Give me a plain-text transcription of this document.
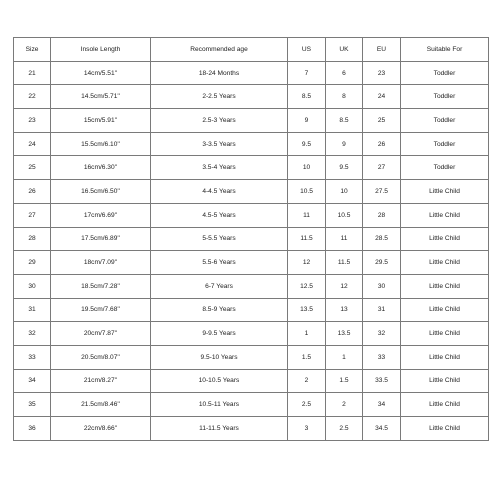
Size	Insole Length	Recommended age	US	UK	EU	Suitable For
21	14cm/5.51''	18-24 Months	7	6	23	Toddler
22	14.5cm/5.71''	2-2.5 Years	8.5	8	24	Toddler
23	15cm/5.91''	2.5-3 Years	9	8.5	25	Toddler
24	15.5cm/6.10''	3-3.5 Years	9.5	9	26	Toddler
25	16cm/6.30''	3.5-4 Years	10	9.5	27	Toddler
26	16.5cm/6.50''	4-4.5 Years	10.5	10	27.5	Little Child
27	17cm/6.69''	4.5-5 Years	11	10.5	28	Little Child
28	17.5cm/6.89''	5-5.5 Years	11.5	11	28.5	Little Child
29	18cm/7.09''	5.5-6 Years	12	11.5	29.5	Little Child
30	18.5cm/7.28''	6-7 Years	12.5	12	30	Little Child
31	19.5cm/7.68''	8.5-9 Years	13.5	13	31	Little Child
32	20cm/7.87''	9-9.5 Years	1	13.5	32	Little Child
33	20.5cm/8.07''	9.5-10 Years	1.5	1	33	Little Child
34	21cm/8.27''	10-10.5 Years	2	1.5	33.5	Little Child
35	21.5cm/8.46''	10.5-11 Years	2.5	2	34	Little Child
36	22cm/8.66''	11-11.5 Years	3	2.5	34.5	Little Child
